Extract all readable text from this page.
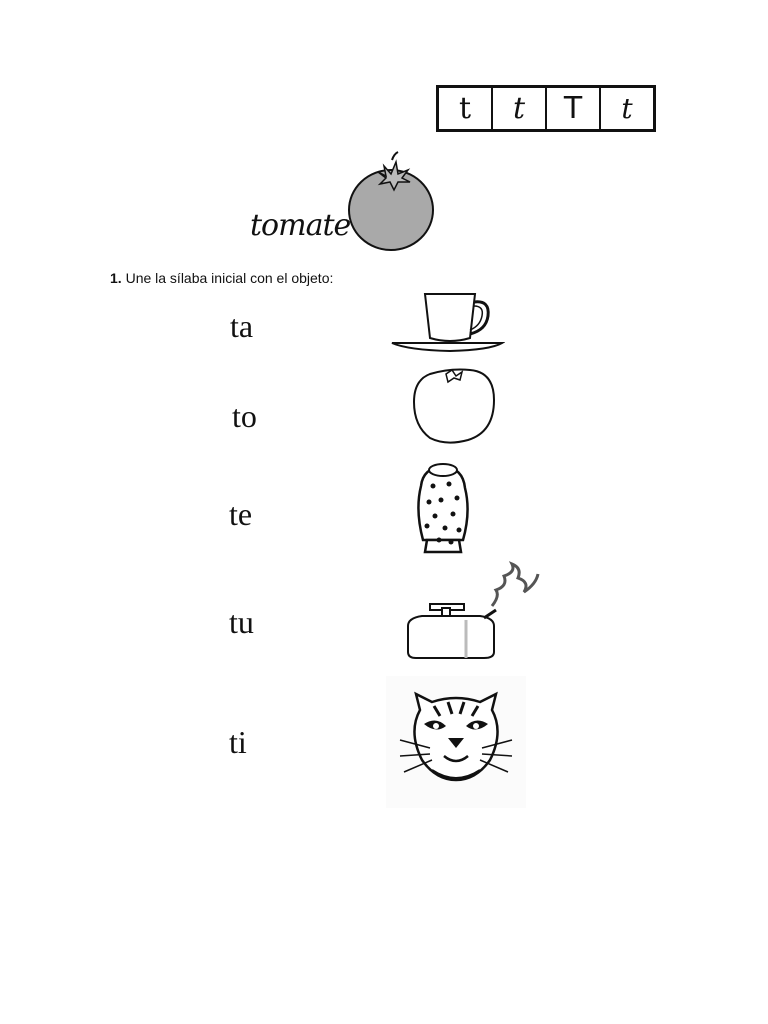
t	t	T	t
tomate
1. Une la sílaba inicial con el objeto:
ta
to
te
tu
ti
